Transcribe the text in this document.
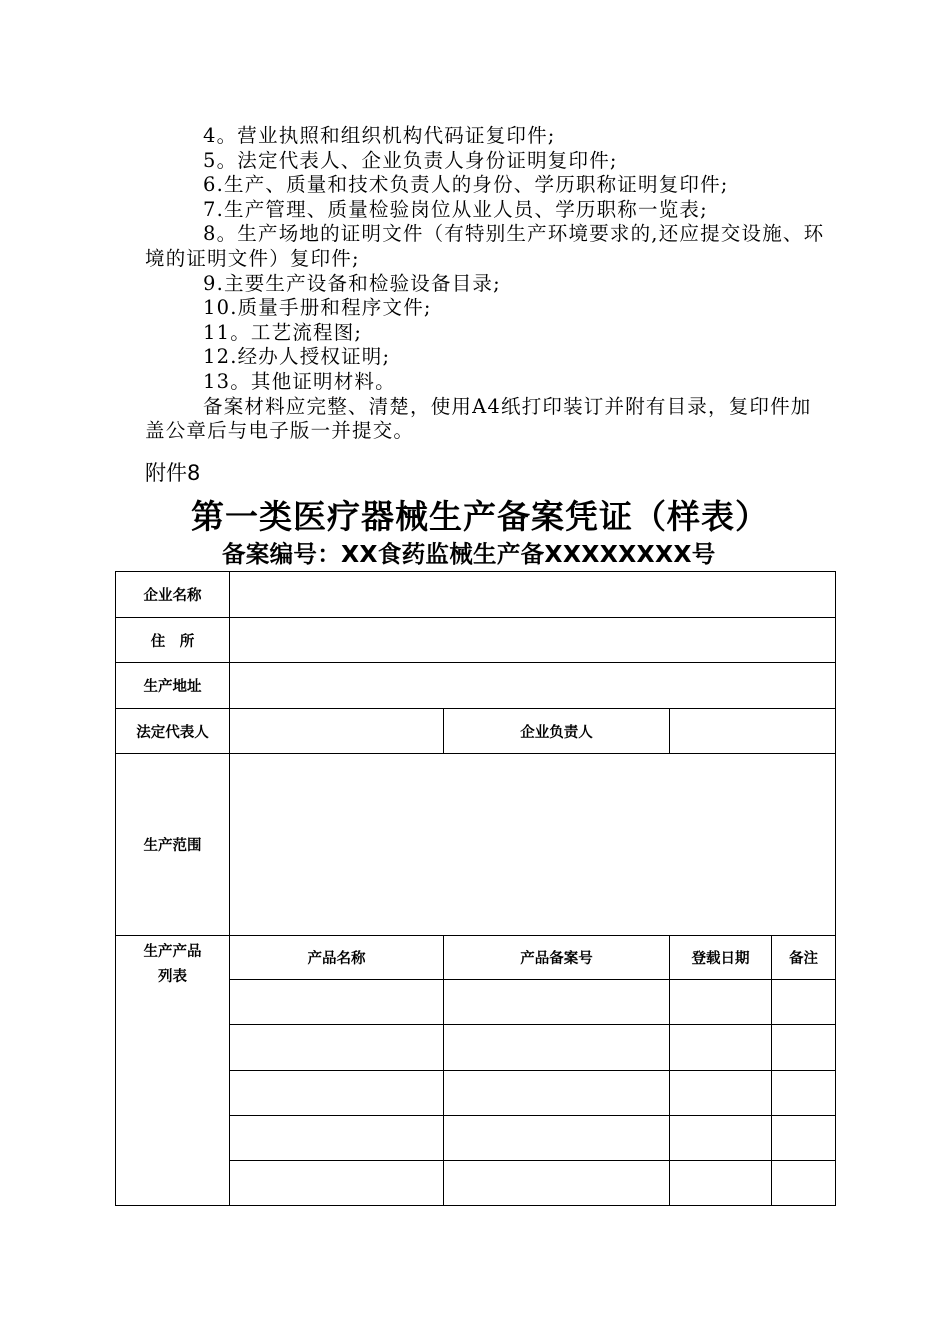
4。营业执照和组织机构代码证复印件;

5。法定代表人、企业负责人身份证明复印件;

6.生产、质量和技术负责人的身份、学历职称证明复印件;

7.生产管理、质量检验岗位从业人员、学历职称一览表;

8。生产场地的证明文件（有特别生产环境要求的,还应提交设施、环境的证明文件）复印件;

9.主要生产设备和检验设备目录;

10.质量手册和程序文件;

11。工艺流程图;

12.经办人授权证明;

13。其他证明材料。

备案材料应完整、清楚，使用A4纸打印装订并附有目录，复印件加盖公章后与电子版一并提交。

附件8
第一类医疗器械生产备案凭证（样表）
备案编号：XX食药监械生产备XXXXXXXX号
企业名称				
住　所				
生产地址				
法定代表人		企业负责人		
生产范围				
生产产品列表	产品名称	产品备案号	登载日期	备注
